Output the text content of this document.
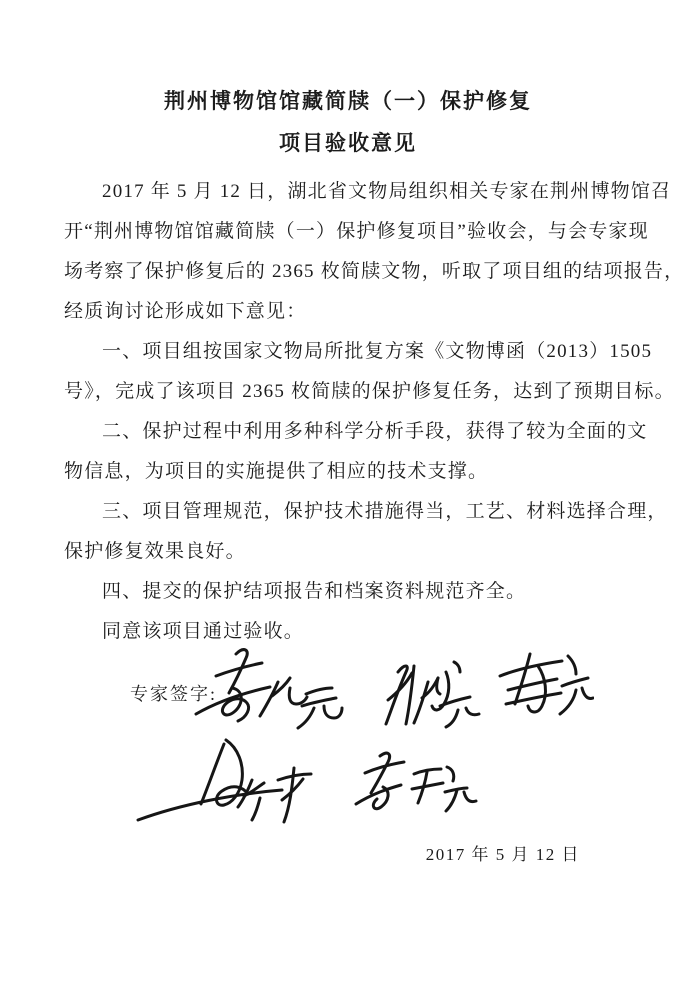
荆州博物馆馆藏简牍（一）保护修复
项目验收意见
2017 年 5 月 12 日，湖北省文物局组织相关专家在荆州博物馆召
开“荆州博物馆馆藏简牍（一）保护修复项目”验收会，与会专家现
场考察了保护修复后的 2365 枚简牍文物，听取了项目组的结项报告，
经质询讨论形成如下意见：
一、项目组按国家文物局所批复方案《文物博函（2013）1505
号》，完成了该项目 2365 枚简牍的保护修复任务，达到了预期目标。
二、保护过程中利用多种科学分析手段，获得了较为全面的文
物信息，为项目的实施提供了相应的技术支撑。
三、项目管理规范，保护技术措施得当，工艺、材料选择合理，
保护修复效果良好。
四、提交的保护结项报告和档案资料规范齐全。
同意该项目通过验收。
专家签字:
2017 年 5 月 12 日
